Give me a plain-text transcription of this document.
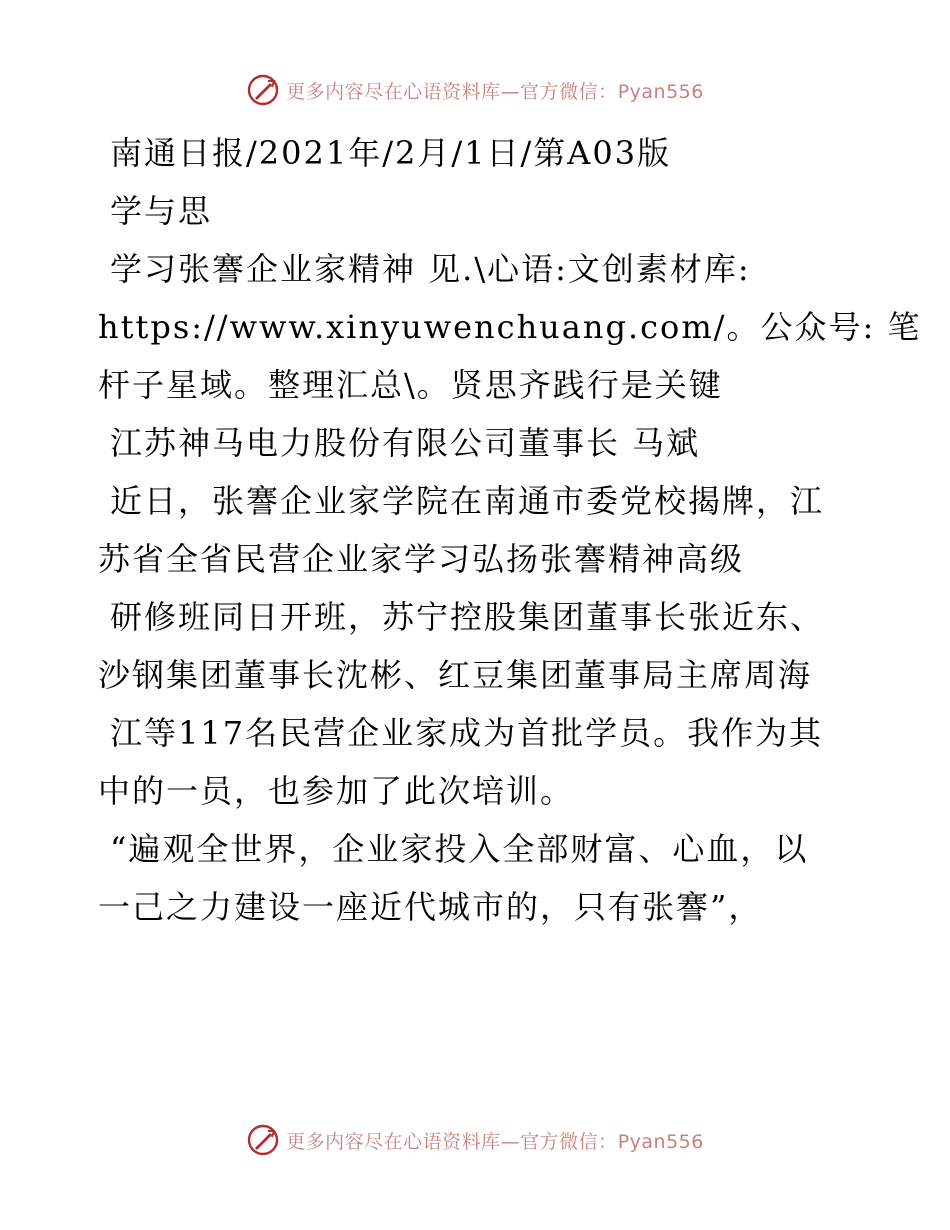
更多内容尽在心语资料库—官方微信：Pyan556
南通日报/2021年/2月/1日/第A03版
学与思
学习张謇企业家精神 见.\心语:文创素材库:
https://www.xinyuwenchuang.com/。公众号: 笔
杆子星域。整理汇总\。贤思齐践行是关键
江苏神马电力股份有限公司董事长 马斌
近日，张謇企业家学院在南通市委党校揭牌，江
苏省全省民营企业家学习弘扬张謇精神高级
研修班同日开班，苏宁控股集团董事长张近东、
沙钢集团董事长沈彬、红豆集团董事局主席周海
江等117名民营企业家成为首批学员。我作为其
中的一员，也参加了此次培训。
“遍观全世界，企业家投入全部财富、心血，以
一己之力建设一座近代城市的，只有张謇”，
更多内容尽在心语资料库—官方微信：Pyan556
